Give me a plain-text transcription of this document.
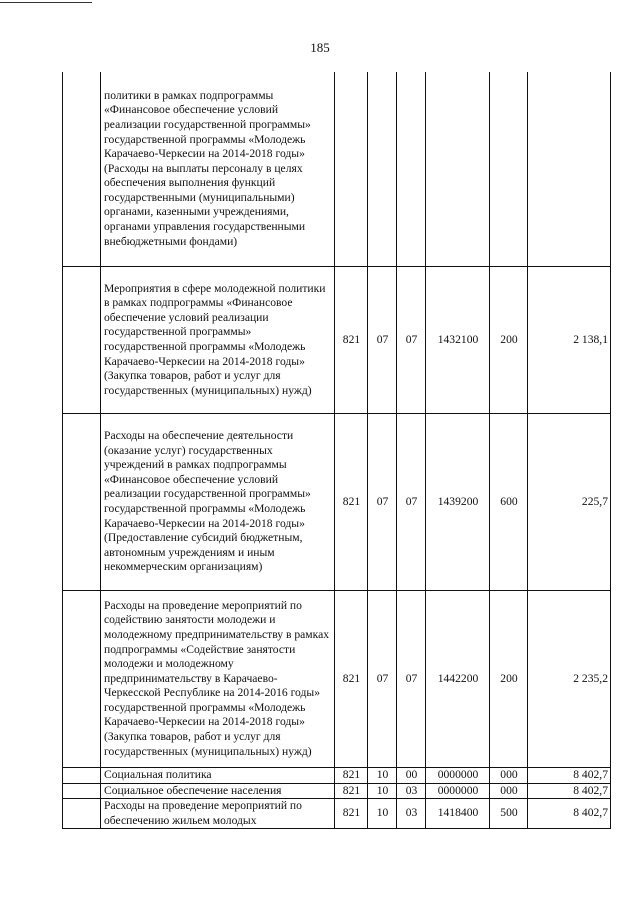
185
	политики в рамках подпрограммы «Финансовое обеспечение условий реализации государственной программы» государственной программы «Молодежь Карачаево-Черкесии на 2014-2018 годы» (Расходы на выплаты персоналу в целях обеспечения выполнения функций государственными (муниципальными) органами, казенными учреждениями, органами управления государственными внебюджетными фондами)						
	Мероприятия в сфере молодежной политики в рамках подпрограммы «Финансовое обеспечение условий реализации государственной программы» государственной программы «Молодежь Карачаево-Черкесии на 2014-2018 годы» (Закупка товаров, работ и услуг для государственных (муниципальных) нужд)	821	07	07	1432100	200	2 138,1
	Расходы на обеспечение деятельности (оказание услуг) государственных учреждений в рамках подпрограммы «Финансовое обеспечение условий реализации государственной программы» государственной программы «Молодежь Карачаево-Черкесии на 2014-2018 годы» (Предоставление субсидий бюджетным, автономным учреждениям и иным некоммерческим организациям)	821	07	07	1439200	600	225,7
	Расходы на проведение мероприятий по содействию занятости молодежи и молодежному предпринимательству в рамках подпрограммы «Содействие занятости молодежи и молодежному предпринимательству в Карачаево-Черкесской Республике на 2014-2016 годы» государственной программы «Молодежь Карачаево-Черкесии на 2014-2018 годы» (Закупка товаров, работ и услуг для государственных (муниципальных) нужд)	821	07	07	1442200	200	2 235,2
	Социальная политика	821	10	00	0000000	000	8 402,7
	Социальное обеспечение населения	821	10	03	0000000	000	8 402,7
	Расходы на проведение мероприятий по обеспечению жильем молодых	821	10	03	1418400	500	8 402,7
